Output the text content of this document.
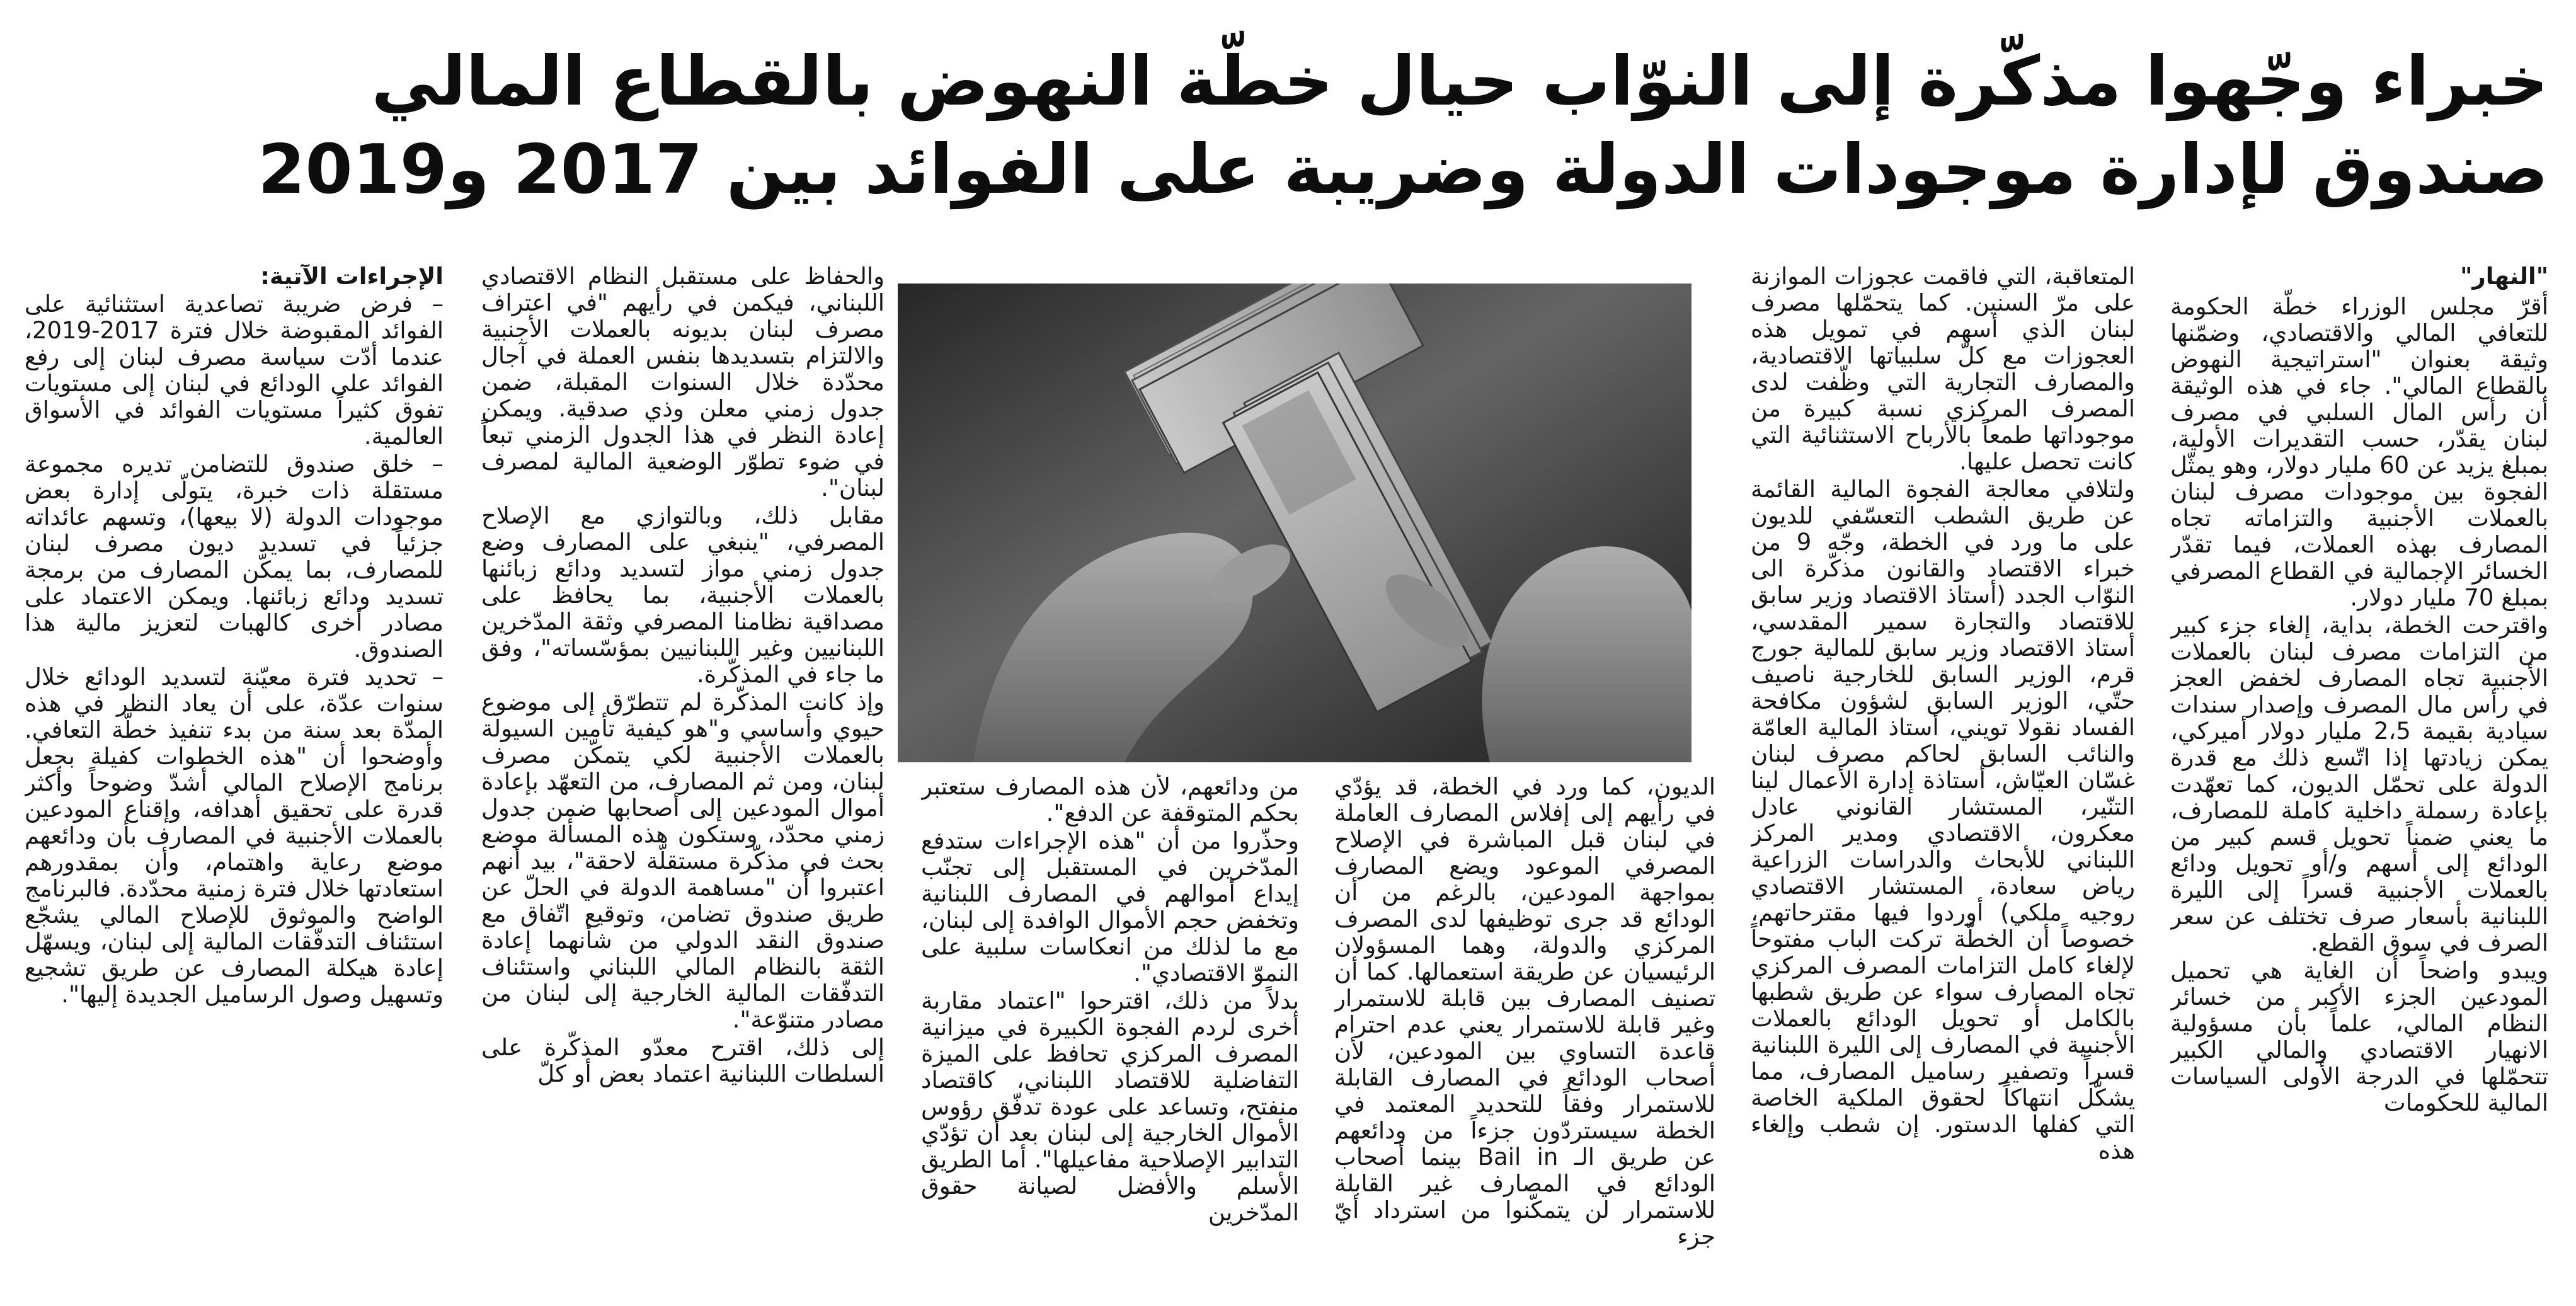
خبراء وجّهوا مذكّرة إلى النوّاب حيال خطّة النهوض بالقطاع المالي
صندوق لإدارة موجودات الدولة وضريبة على الفوائد بين 2017 و2019

"النهار"

أقرّ مجلس الوزراء خطّة الحكومة للتعافي المالي والاقتصادي، وضمّنها وثيقة بعنوان "استراتيجية النهوض بالقطاع المالي". جاء في هذه الوثيقة أن رأس المال السلبي في مصرف لبنان يقدّر، حسب التقديرات الأولية، بمبلغ يزيد عن 60 مليار دولار، وهو يمثّل الفجوة بين موجودات مصرف لبنان بالعملات الأجنبية والتزاماته تجاه المصارف بهذه العملات، فيما تقدّر الخسائر الإجمالية في القطاع المصرفي بمبلغ 70 مليار دولار.

واقترحت الخطة، بداية، إلغاء جزء كبير من التزامات مصرف لبنان بالعملات الأجنبية تجاه المصارف لخفض العجز في رأس مال المصرف وإصدار سندات سيادية بقيمة 2،5 مليار دولار أميركي، يمكن زيادتها إذا اتّسع ذلك مع قدرة الدولة على تحمّل الديون، كما تعهّدت بإعادة رسملة داخلية كاملة للمصارف، ما يعني ضمناً تحويل قسم كبير من الودائع إلى أسهم و/أو تحويل ودائع بالعملات الأجنبية قسراً إلى الليرة اللبنانية بأسعار صرف تختلف عن سعر الصرف في سوق القطع.

ويبدو واضحاً أن الغاية هي تحميل المودعين الجزء الأكبر من خسائر النظام المالي، علماً بأن مسؤولية الانهيار الاقتصادي والمالي الكبير تتحمّلها في الدرجة الأولى السياسات المالية للحكومات

المتعاقبة، التي فاقمت عجوزات الموازنة على مرّ السنين. كما يتحمّلها مصرف لبنان الذي أسهم في تمويل هذه العجوزات مع كلّ سلبياتها الاقتصادية، والمصارف التجارية التي وظّفت لدى المصرف المركزي نسبة كبيرة من موجوداتها طمعاً بالأرباح الاستثنائية التي كانت تحصل عليها.

ولتلافي معالجة الفجوة المالية القائمة عن طريق الشطب التعسّفي للديون على ما ورد في الخطة، وجّه 9 من خبراء الاقتصاد والقانون مذكّرة الى النوّاب الجدد (أستاذ الاقتصاد وزير سابق للاقتصاد والتجارة سمير المقدسي، أستاذ الاقتصاد وزير سابق للمالية جورج قرم، الوزير السابق للخارجية ناصيف حتّي، الوزير السابق لشؤون مكافحة الفساد نقولا تويني، أستاذ المالية العامّة والنائب السابق لحاكم مصرف لبنان غسّان العيّاش، أستاذة إدارة الأعمال لينا التنّير، المستشار القانوني عادل معكرون، الاقتصادي ومدير المركز اللبناني للأبحاث والدراسات الزراعية رياض سعادة، المستشار الاقتصادي روجيه ملكي) أوردوا فيها مقترحاتهم، خصوصاً أن الخطّة تركت الباب مفتوحاً لإلغاء كامل التزامات المصرف المركزي تجاه المصارف سواء عن طريق شطبها بالكامل أو تحويل الودائع بالعملات الأجنبية في المصارف إلى الليرة اللبنانية قسراً وتصفير رساميل المصارف، مما يشكّل انتهاكاً لحقوق الملكية الخاصة التي كفلها الدستور. إن شطب وإلغاء هذه

الديون، كما ورد في الخطة، قد يؤدّي في رأيهم إلى إفلاس المصارف العاملة في لبنان قبل المباشرة في الإصلاح المصرفي الموعود ويضع المصارف بمواجهة المودعين، بالرغم من أن الودائع قد جرى توظيفها لدى المصرف المركزي والدولة، وهما المسؤولان الرئيسيان عن طريقة استعمالها. كما أن تصنيف المصارف بين قابلة للاستمرار وغير قابلة للاستمرار يعني عدم احترام قاعدة التساوي بين المودعين، لأن أصحاب الودائع في المصارف القابلة للاستمرار وفقاً للتحديد المعتمد في الخطة سيستردّون جزءاً من ودائعهم عن طريق الـ Bail in بينما أصحاب الودائع في المصارف غير القابلة للاستمرار لن يتمكّنوا من استرداد أيّ جزء

من ودائعهم، لأن هذه المصارف ستعتبر بحكم المتوقفة عن الدفع".

وحذّروا من أن "هذه الإجراءات ستدفع المدّخرين في المستقبل إلى تجنّب إيداع أموالهم في المصارف اللبنانية وتخفض حجم الأموال الوافدة إلى لبنان، مع ما لذلك من انعكاسات سلبية على النموّ الاقتصادي".

بدلاً من ذلك، اقترحوا "اعتماد مقاربة أخرى لردم الفجوة الكبيرة في ميزانية المصرف المركزي تحافظ على الميزة التفاضلية للاقتصاد اللبناني، كاقتصاد منفتح، وتساعد على عودة تدفّق رؤوس الأموال الخارجية إلى لبنان بعد أن تؤدّي التدابير الإصلاحية مفاعيلها". أما الطريق الأسلم والأفضل لصيانة حقوق المدّخرين

والحفاظ على مستقبل النظام الاقتصادي اللبناني، فيكمن في رأيهم "في اعتراف مصرف لبنان بديونه بالعملات الأجنبية والالتزام بتسديدها بنفس العملة في آجال محدّدة خلال السنوات المقبلة، ضمن جدول زمني معلن وذي صدقية. ويمكن إعادة النظر في هذا الجدول الزمني تبعاً في ضوء تطوّر الوضعية المالية لمصرف لبنان".

مقابل ذلك، وبالتوازي مع الإصلاح المصرفي، "ينبغي على المصارف وضع جدول زمني مواز لتسديد ودائع زبائنها بالعملات الأجنبية، بما يحافظ على مصداقية نظامنا المصرفي وثقة المدّخرين اللبنانيين وغير اللبنانيين بمؤسّساته"، وفق ما جاء في المذكّرة.

وإذ كانت المذكّرة لم تتطرّق إلى موضوع حيوي وأساسي و"هو كيفية تأمين السيولة بالعملات الأجنبية لكي يتمكّن مصرف لبنان، ومن ثم المصارف، من التعهّد بإعادة أموال المودعين إلى أصحابها ضمن جدول زمني محدّد، وستكون هذه المسألة موضع بحث في مذكّرة مستقلّة لاحقة"، بيد أنهم اعتبروا أن "مساهمة الدولة في الحلّ عن طريق صندوق تضامن، وتوقيع اتّفاق مع صندوق النقد الدولي من شأنهما إعادة الثقة بالنظام المالي اللبناني واستئناف التدفّقات المالية الخارجية إلى لبنان من مصادر متنوّعة".

إلى ذلك، اقترح معدّو المذكّرة على السلطات اللبنانية اعتماد بعض أو كلّ

الإجراءات الآتية:

– فرض ضريبة تصاعدية استثنائية على الفوائد المقبوضة خلال فترة 2017-2019، عندما أدّت سياسة مصرف لبنان إلى رفع الفوائد على الودائع في لبنان إلى مستويات تفوق كثيراً مستويات الفوائد في الأسواق العالمية.

– خلق صندوق للتضامن تديره مجموعة مستقلة ذات خبرة، يتولّى إدارة بعض موجودات الدولة (لا بيعها)، وتسهم عائداته جزئياً في تسديد ديون مصرف لبنان للمصارف، بما يمكّن المصارف من برمجة تسديد ودائع زبائنها. ويمكن الاعتماد على مصادر أخرى كالهبات لتعزيز مالية هذا الصندوق.

– تحديد فترة معيّنة لتسديد الودائع خلال سنوات عدّة، على أن يعاد النظر في هذه المدّة بعد سنة من بدء تنفيذ خطّة التعافي. وأوضحوا أن "هذه الخطوات كفيلة بجعل برنامج الإصلاح المالي أشدّ وضوحاً وأكثر قدرة على تحقيق أهدافه، وإقناع المودعين بالعملات الأجنبية في المصارف بأن ودائعهم موضع رعاية واهتمام، وأن بمقدورهم استعادتها خلال فترة زمنية محدّدة. فالبرنامج الواضح والموثوق للإصلاح المالي يشجّع استئناف التدفّقات المالية إلى لبنان، ويسهّل إعادة هيكلة المصارف عن طريق تشجيع وتسهيل وصول الرساميل الجديدة إليها".
